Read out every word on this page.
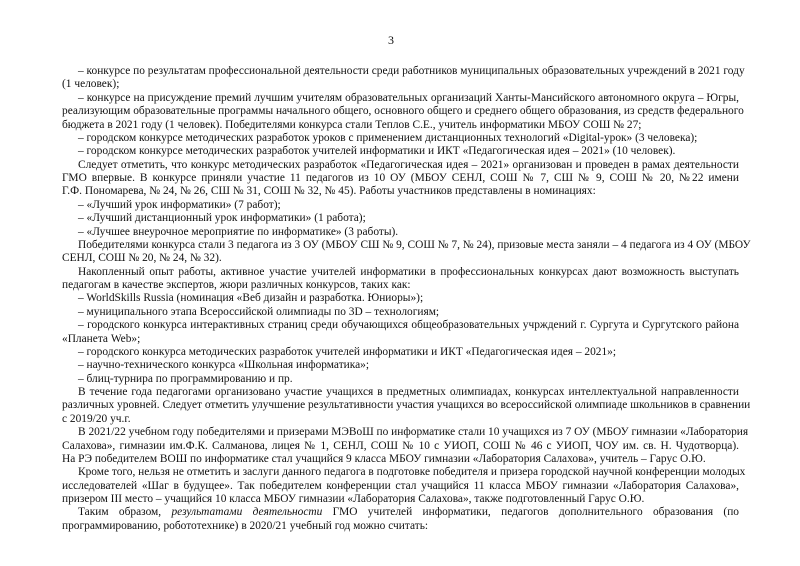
3
– конкурсе по результатам профессиональной деятельности среди работников муниципальных образовательных учреждений в 2021 году
(1 человек);
– конкурсе на присуждение премий лучшим учителям образовательных организаций Ханты-Мансийского автономного округа – Югры,
реализующим образовательные программы начального общего, основного общего и среднего общего образования, из средств федерального
бюджета в 2021 году (1 человек). Победителями конкурса стали Теплов С.Е., учитель информатики МБОУ СОШ № 27;
– городском конкурсе методических разработок уроков с применением дистанционных технологий «Digital-урок» (3 человека);
– городском конкурсе методических разработок учителей информатики и ИКТ «Педагогическая идея – 2021» (10 человек).
Следует отметить, что конкурс методических разработок «Педагогическая идея – 2021» организован и проведен в рамах деятельности
ГМО впервые. В конкурсе приняли участие 11 педагогов из 10 ОУ (МБОУ СЕНЛ, СОШ № 7, СШ № 9, СОШ № 20, №22 имени
Г.Ф. Пономарева, № 24, № 26, СШ № 31, СОШ № 32, № 45). Работы участников представлены в номинациях:
– «Лучший урок информатики» (7 работ);
– «Лучший дистанционный урок информатики» (1 работа);
– «Лучшее внеурочное мероприятие по информатике» (3 работы).
Победителями конкурса стали 3 педагога из 3 ОУ (МБОУ СШ № 9, СОШ № 7, № 24), призовые места заняли – 4 педагога из 4 ОУ (МБОУ
СЕНЛ, СОШ № 20, № 24, № 32).
Накопленный опыт работы, активное участие учителей информатики в профессиональных конкурсах дают возможность выступать
педагогам в качестве экспертов, жюри различных конкурсов, таких как:
– WorldSkills Russia (номинация «Веб дизайн и разработка. Юниоры»);
– муниципального этапа Всероссийской олимпиады по 3D – технологиям;
– городского конкурса интерактивных страниц среди обучающихся общеобразовательных учрждений г. Сургута и Сургутского района
«Планета Web»;
– городского конкурса методических разработок учителей информатики и ИКТ «Педагогическая идея – 2021»;
– научно-технического конкурса «Школьная информатика»;
– блиц-турнира по программированию и пр.
В течение года педагогами организовано участие учащихся в предметных олимпиадах, конкурсах интеллектуальной направленности
различных уровней. Следует отметить улучшение результативности участия учащихся во всероссийской олимпиаде школьников в сравнении
с 2019/20 уч.г.
В 2021/22 учебном году победителями и призерами МЭВоШ по информатике стали 10 учащихся из 7 ОУ (МБОУ гимназии «Лаборатория
Салахова», гимназии им.Ф.К. Салманова, лицея № 1, СЕНЛ, СОШ № 10 с УИОП, СОШ № 46 с УИОП, ЧОУ им. св. Н. Чудотворца).
На РЭ победителем ВОШ по информатике стал учащийся 9 класса МБОУ гимназии «Лаборатория Салахова», учитель – Гарус О.Ю.
Кроме того, нельзя не отметить и заслуги данного педагога в подготовке победителя и призера городской научной конференции молодых
исследователей «Шаг в будущее». Так победителем конференции стал учащийся 11 класса МБОУ гимназии «Лаборатория Салахова»,
призером III место – учащийся 10 класса МБОУ гимназии «Лаборатория Салахова», также подготовленный Гарус О.Ю.
Таким образом, результатами деятельности ГМО учителей информатики, педагогов дополнительного образования (по
программированию, робототехнике) в 2020/21 учебный год можно считать:
